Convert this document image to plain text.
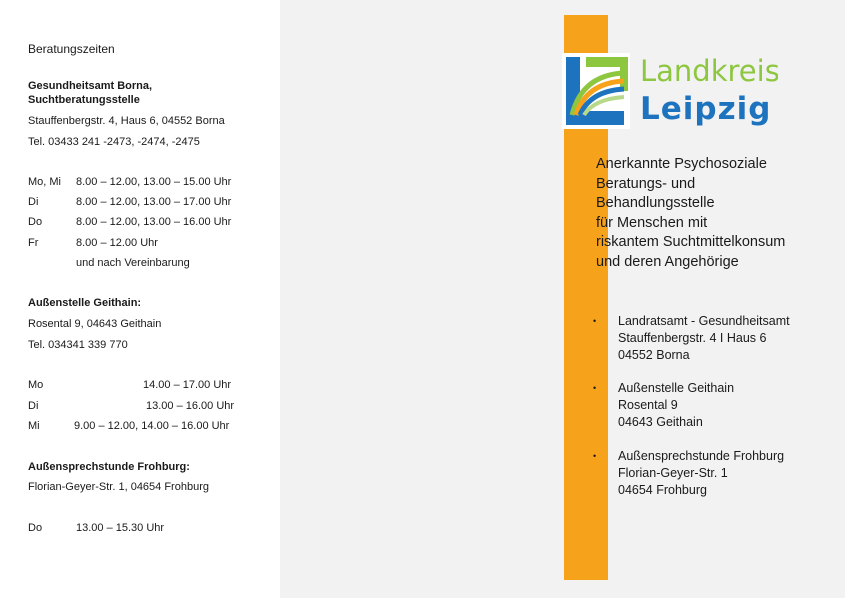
Beratungszeiten
Gesundheitsamt Borna,
Suchtberatungsstelle
Stauffenbergstr. 4, Haus 6, 04552 Borna
Tel. 03433 241 -2473, -2474, -2475
Mo, Mi 8.00 – 12.00, 13.00 – 15.00 Uhr
Di	8.00 – 12.00, 13.00 – 17.00 Uhr
Do	8.00 – 12.00, 13.00 – 16.00 Uhr
Fr	8.00 – 12.00 Uhr
und nach Vereinbarung
Außenstelle Geithain:
Rosental 9, 04643 Geithain
Tel. 034341 339 770
Mo	14.00 – 17.00 Uhr
Di	13.00 – 16.00 Uhr
Mi	9.00 – 12.00, 14.00 – 16.00 Uhr
Außensprechstunde Frohburg:
Florian-Geyer-Str. 1, 04654 Frohburg
Do	13.00 – 15.30 Uhr
Landkreis
Leipzig
Anerkannte Psychosoziale
Beratungs- und
Behandlungsstelle
für Menschen mit
riskantem Suchtmittelkonsum
und deren Angehörige
•	Landratsamt - Gesundheitsamt
Stauffenbergstr. 4 I Haus 6
04552 Borna
•	Außenstelle Geithain
Rosental 9
04643 Geithain
•	Außensprechstunde Frohburg
Florian-Geyer-Str. 1
04654 Frohburg
